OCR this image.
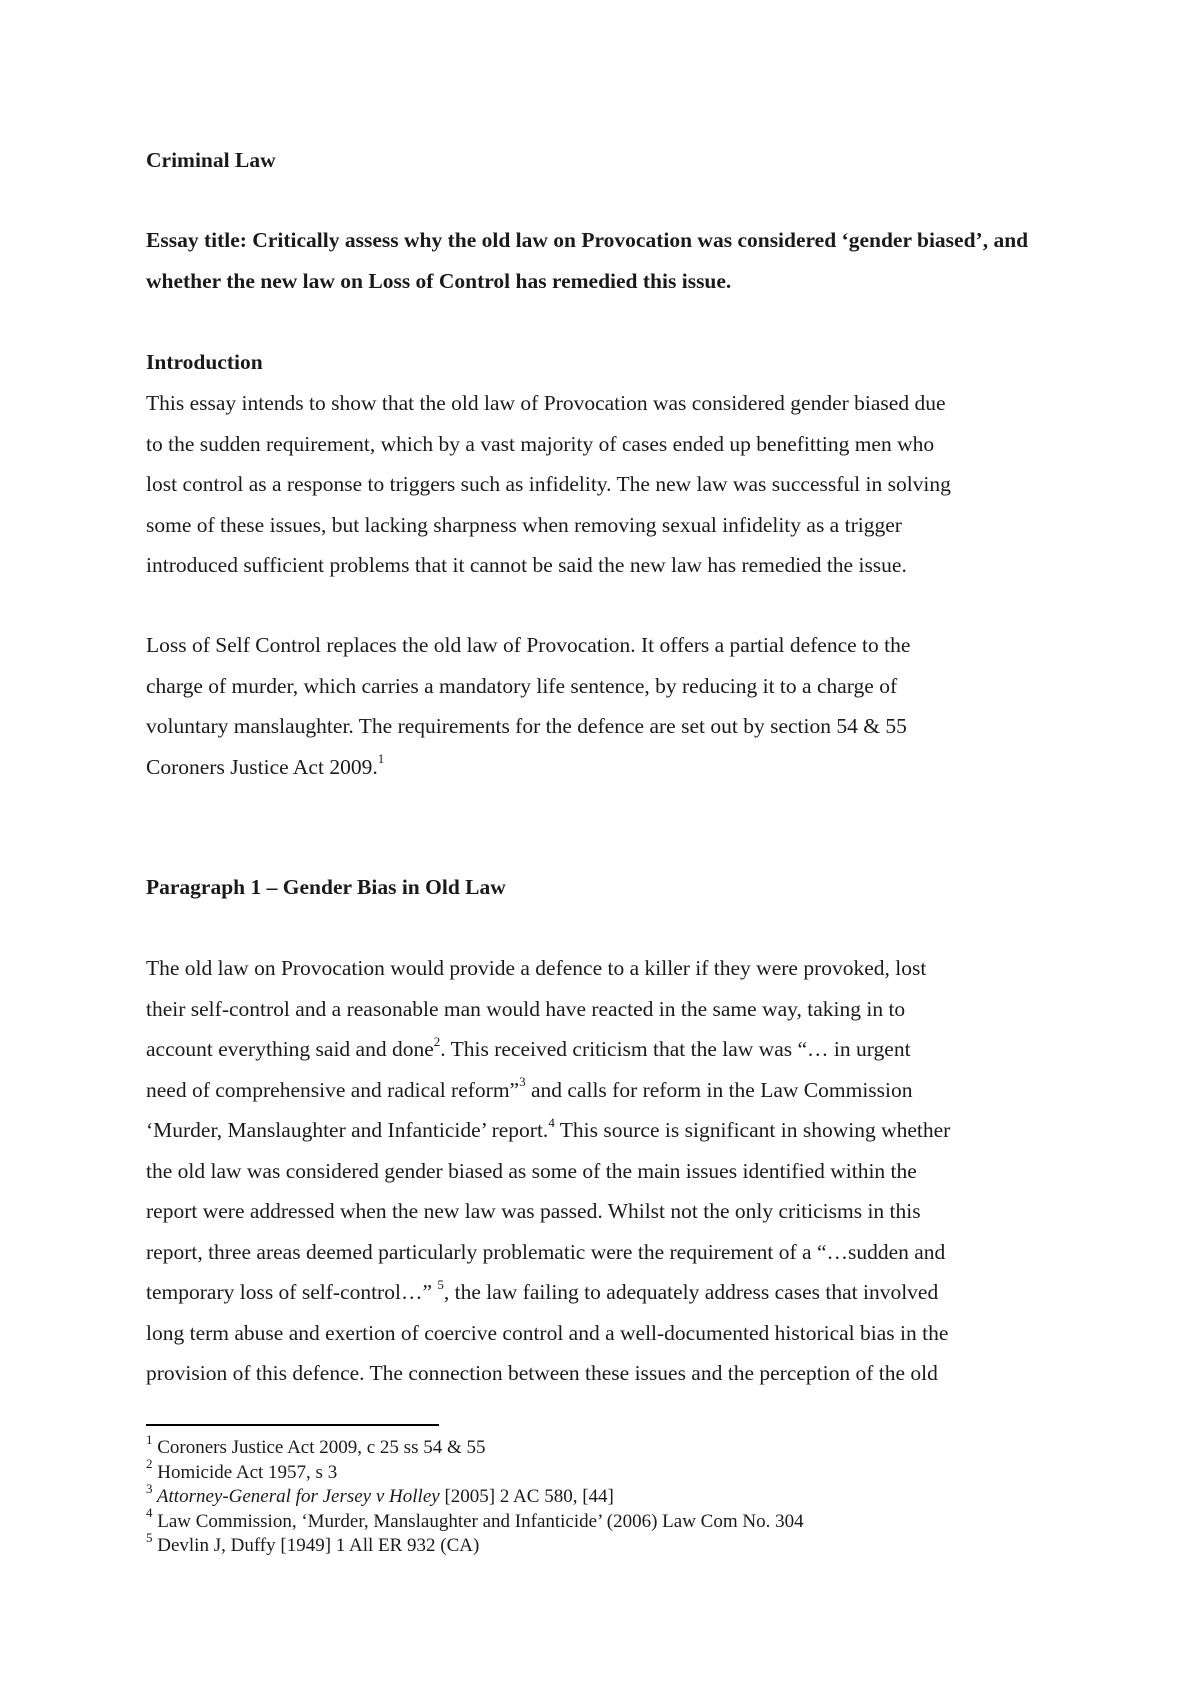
Criminal Law
Essay title: Critically assess why the old law on Provocation was considered ‘gender biased’, and whether the new law on Loss of Control has remedied this issue.
Introduction
This essay intends to show that the old law of Provocation was considered gender biased due
to the sudden requirement, which by a vast majority of cases ended up benefitting men who
lost control as a response to triggers such as infidelity. The new law was successful in solving
some of these issues, but lacking sharpness when removing sexual infidelity as a trigger
introduced sufficient problems that it cannot be said the new law has remedied the issue.
Loss of Self Control replaces the old law of Provocation. It offers a partial defence to the
charge of murder, which carries a mandatory life sentence, by reducing it to a charge of
voluntary manslaughter. The requirements for the defence are set out by section 54 & 55
Coroners Justice Act 2009.$^1$
Paragraph 1 – Gender Bias in Old Law
The old law on Provocation would provide a defence to a killer if they were provoked, lost
their self-control and a reasonable man would have reacted in the same way, taking in to
account everything said and done$^2$. This received criticism that the law was “… in urgent
need of comprehensive and radical reform”$^3$ and calls for reform in the Law Commission
‘Murder, Manslaughter and Infanticide’ report.$^4$ This source is significant in showing whether
the old law was considered gender biased as some of the main issues identified within the
report were addressed when the new law was passed. Whilst not the only criticisms in this
report, three areas deemed particularly problematic were the requirement of a “…sudden and
temporary loss of self-control…” $^5$, the law failing to adequately address cases that involved
long term abuse and exertion of coercive control and a well-documented historical bias in the
provision of this defence. The connection between these issues and the perception of the old
$^1$ Coroners Justice Act 2009, c 25 ss 54 & 55
$^2$ Homicide Act 1957, s 3
$^3$ Attorney-General for Jersey v Holley [2005] 2 AC 580, [44]
$^4$ Law Commission, ‘Murder, Manslaughter and Infanticide’ (2006) Law Com No. 304
$^5$ Devlin J, Duffy [1949] 1 All ER 932 (CA)
